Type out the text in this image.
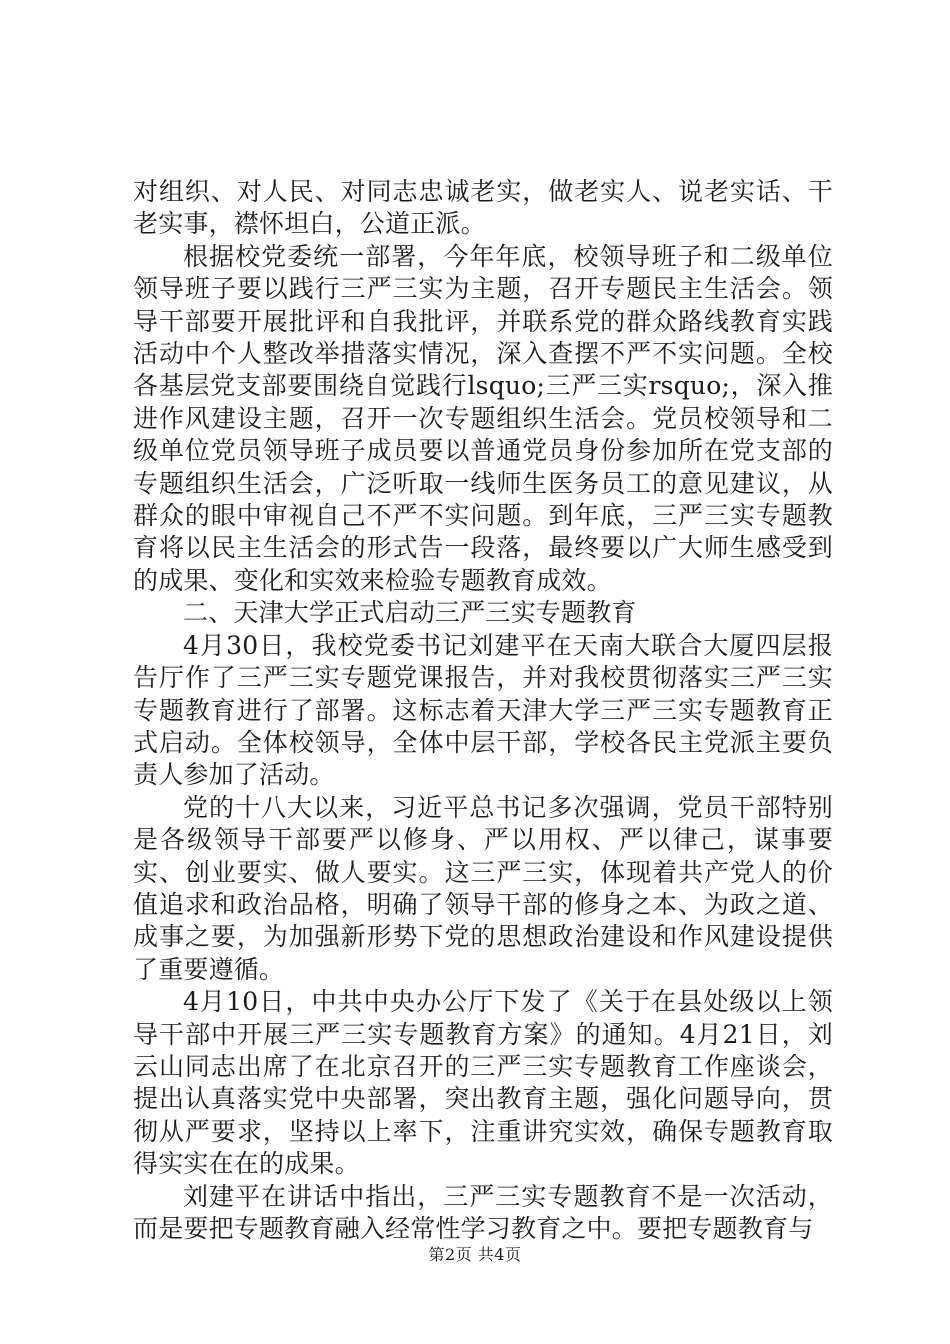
对组织、对人民、对同志忠诚老实，做老实人、说老实话、干老实事，襟怀坦白，公道正派。

根据校党委统一部署，今年年底，校领导班子和二级单位领导班子要以践行三严三实为主题，召开专题民主生活会。领导干部要开展批评和自我批评，并联系党的群众路线教育实践活动中个人整改举措落实情况，深入查摆不严不实问题。全校各基层党支部要围绕自觉践行lsquo;三严三实rsquo;，深入推进作风建设主题，召开一次专题组织生活会。党员校领导和二级单位党员领导班子成员要以普通党员身份参加所在党支部的专题组织生活会，广泛听取一线师生医务员工的意见建议，从群众的眼中审视自己不严不实问题。到年底，三严三实专题教育将以民主生活会的形式告一段落，最终要以广大师生感受到的成果、变化和实效来检验专题教育成效。

二、天津大学正式启动三严三实专题教育

4月30日，我校党委书记刘建平在天南大联合大厦四层报告厅作了三严三实专题党课报告，并对我校贯彻落实三严三实专题教育进行了部署。这标志着天津大学三严三实专题教育正式启动。全体校领导，全体中层干部，学校各民主党派主要负责人参加了活动。

党的十八大以来，习近平总书记多次强调，党员干部特别是各级领导干部要严以修身、严以用权、严以律己，谋事要实、创业要实、做人要实。这三严三实，体现着共产党人的价值追求和政治品格，明确了领导干部的修身之本、为政之道、成事之要，为加强新形势下党的思想政治建设和作风建设提供了重要遵循。

4月10日，中共中央办公厅下发了《关于在县处级以上领导干部中开展三严三实专题教育方案》的通知。4月21日，刘云山同志出席了在北京召开的三严三实专题教育工作座谈会，提出认真落实党中央部署，突出教育主题，强化问题导向，贯彻从严要求，坚持以上率下，注重讲究实效，确保专题教育取得实实在在的成果。

刘建平在讲话中指出，三严三实专题教育不是一次活动，而是要把专题教育融入经常性学习教育之中。要把专题教育与

第2页 共4页
